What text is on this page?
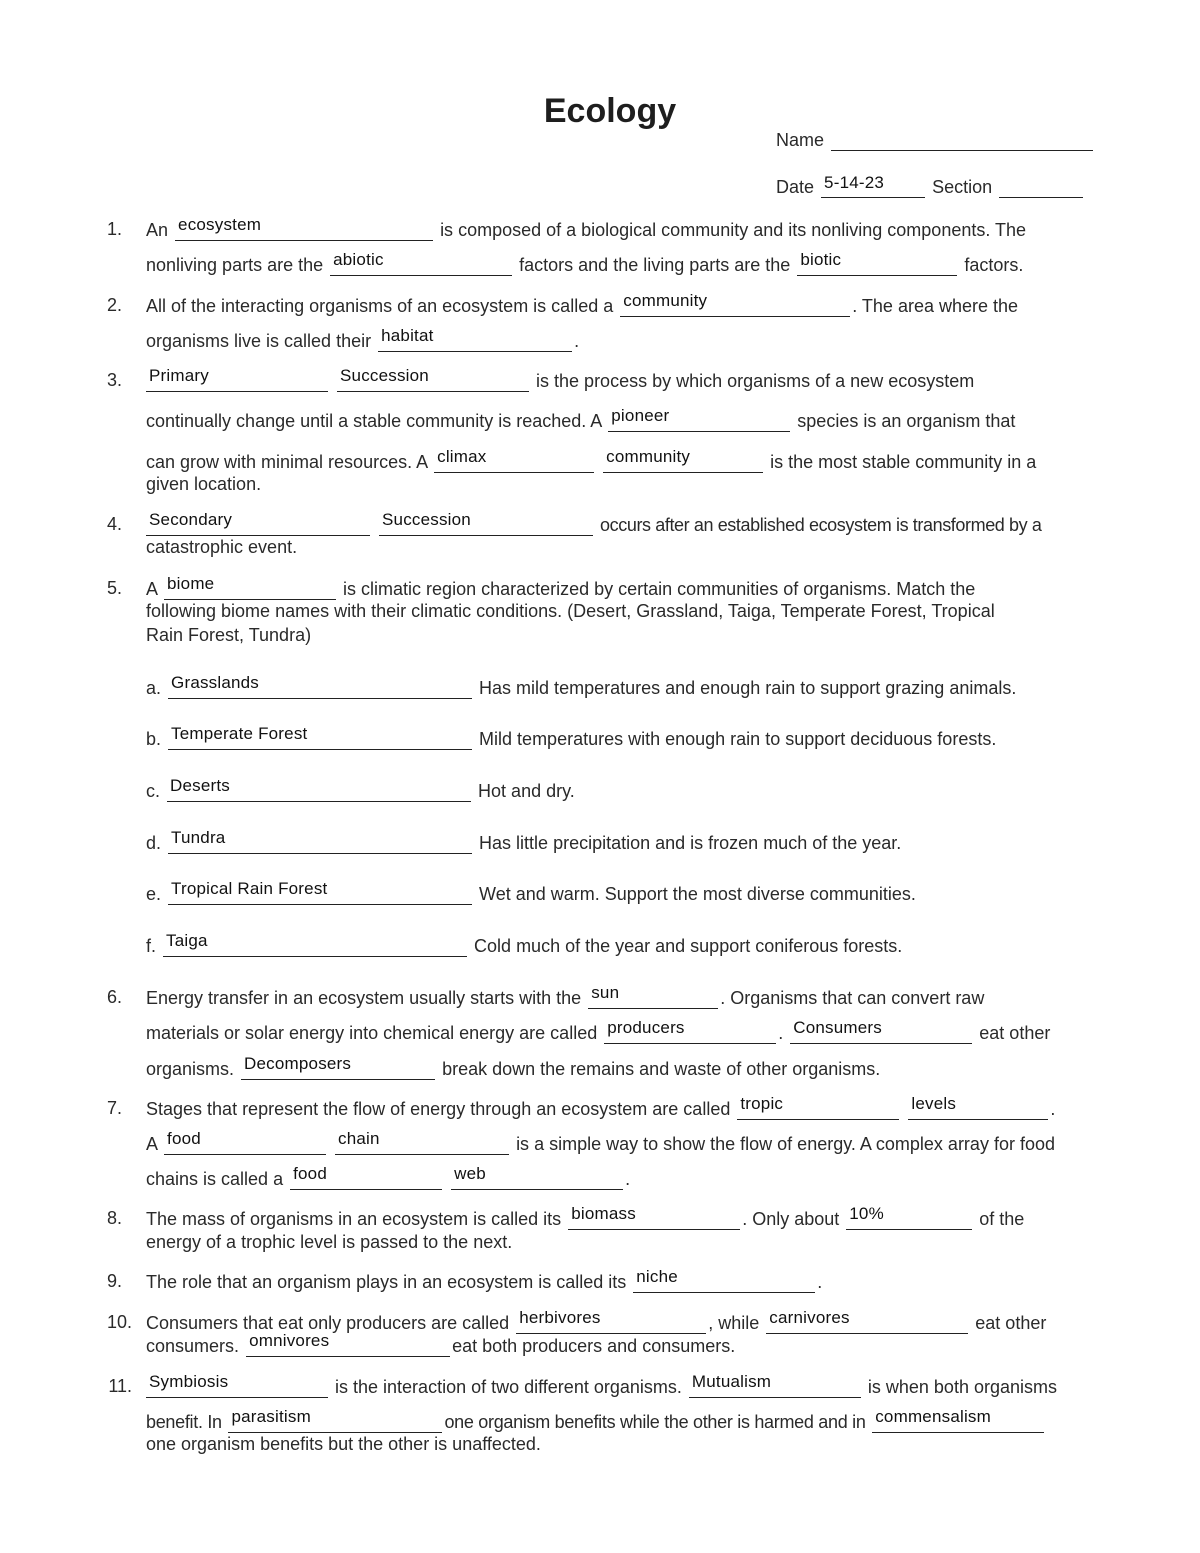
Ecology
Name
Date 5-14-23	Section
1. An ecosystem	is composed of a biological community and its nonliving components. The
nonliving parts are the abiotic	factors and the living parts are the biotic	factors.
2. All of the interacting organisms of an ecosystem is called a community	. The area where the
organisms live is called their habitat	.
3. Primary
	Succession	is the process by which organisms of a new ecosystem
continually change until a stable community is reached. A pioneer	species is an organism that
can grow with minimal resources. A climax
	community	is the most stable community in a
given location.
4. Secondary
	Succession	occurs after an established ecosystem is transformed by a
catastrophic event.
5. A biome	is climatic region characterized by certain communities of organisms. Match the
following biome names with their climatic conditions. (Desert, Grassland, Taiga, Temperate Forest, Tropical
Rain Forest, Tundra)
a. Grasslands	Has mild temperatures and enough rain to support grazing animals.
b. Temperate Forest	Mild temperatures with enough rain to support deciduous forests.
c. Deserts	Hot and dry.
d. Tundra	Has little precipitation and is frozen much of the year.
e. Tropical Rain Forest	Wet and warm. Support the most diverse communities.
f. Taiga	Cold much of the year and support coniferous forests.
6. Energy transfer in an ecosystem usually starts with the sun	. Organisms that can convert raw
materials or solar energy into chemical energy are called producers	. Consumers	eat other
organisms. Decomposers	break down the remains and waste of other organisms.
7. Stages that represent the flow of energy through an ecosystem are called tropic
	levels	.
A food
	chain	is a simple way to show the flow of energy. A complex array for food
chains is called a food
	web	.
8. The mass of organisms in an ecosystem is called its biomass	. Only about 10%	of the
energy of a trophic level is passed to the next.
9. The role that an organism plays in an ecosystem is called its niche	.
10. Consumers that eat only producers are called herbivores	, while carnivores	eat other
consumers. omnivores	eat both producers and consumers.
11. Symbiosis	is the interaction of two different organisms. Mutualism	is when both organisms
benefit. In parasitism	one organism benefits while the other is harmed and in commensalism
one organism benefits but the other is unaffected.
